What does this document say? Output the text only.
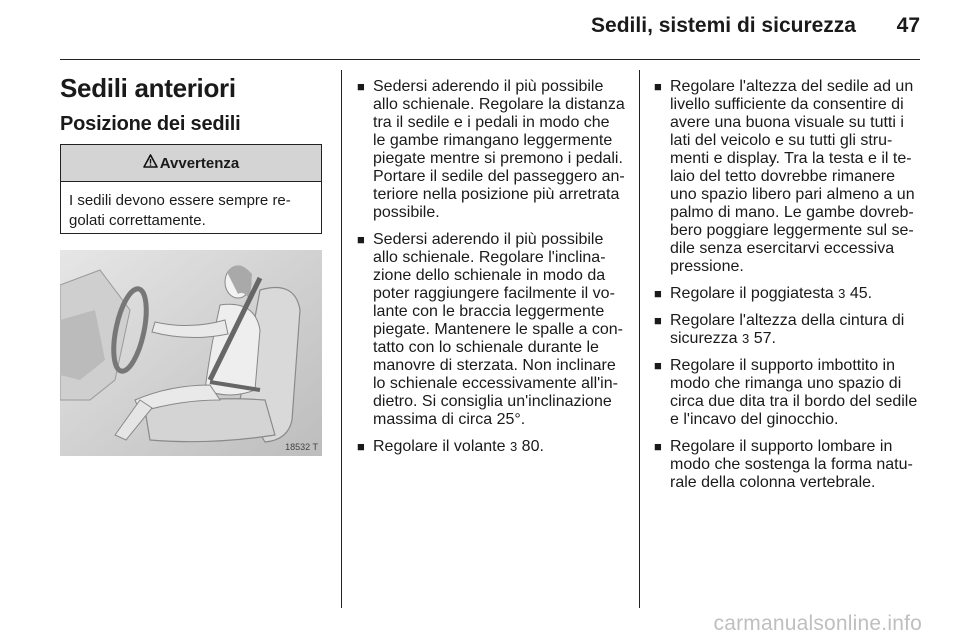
Sedili, sistemi di sicurezza 47
Sedili anteriori
Posizione dei sedili
Avvertenza
I sedili devono essere sempre re-golati correttamente.
18532 T
■ Sedersi aderendo il più possibile allo schienale. Regolare la distanza tra il sedile e i pedali in modo che le gambe rimangano leggermente piegate mentre si premono i pedali. Portare il sedile del passeggero an-teriore nella posizione più arretrata possibile.
■ Sedersi aderendo il più possibile allo schienale. Regolare l'inclina-zione dello schienale in modo da poter raggiungere facilmente il vo-lante con le braccia leggermente piegate. Mantenere le spalle a con-tatto con lo schienale durante le manovre di sterzata. Non inclinare lo schienale eccessivamente all'in-dietro. Si consiglia un'inclinazione massima di circa 25°.
■ Regolare il volante 3 80.
■ Regolare l'altezza del sedile ad un livello sufficiente da consentire di avere una buona visuale su tutti i lati del veicolo e su tutti gli stru-menti e display. Tra la testa e il te-laio del tetto dovrebbe rimanere uno spazio libero pari almeno a un palmo di mano. Le gambe dovreb-bero poggiare leggermente sul se-dile senza esercitarvi eccessiva pressione.
■ Regolare il poggiatesta 3 45.
■ Regolare l'altezza della cintura di sicurezza 3 57.
■ Regolare il supporto imbottito in modo che rimanga uno spazio di circa due dita tra il bordo del sedile e l'incavo del ginocchio.
■ Regolare il supporto lombare in modo che sostenga la forma natu-rale della colonna vertebrale.
carmanualsonline.info
